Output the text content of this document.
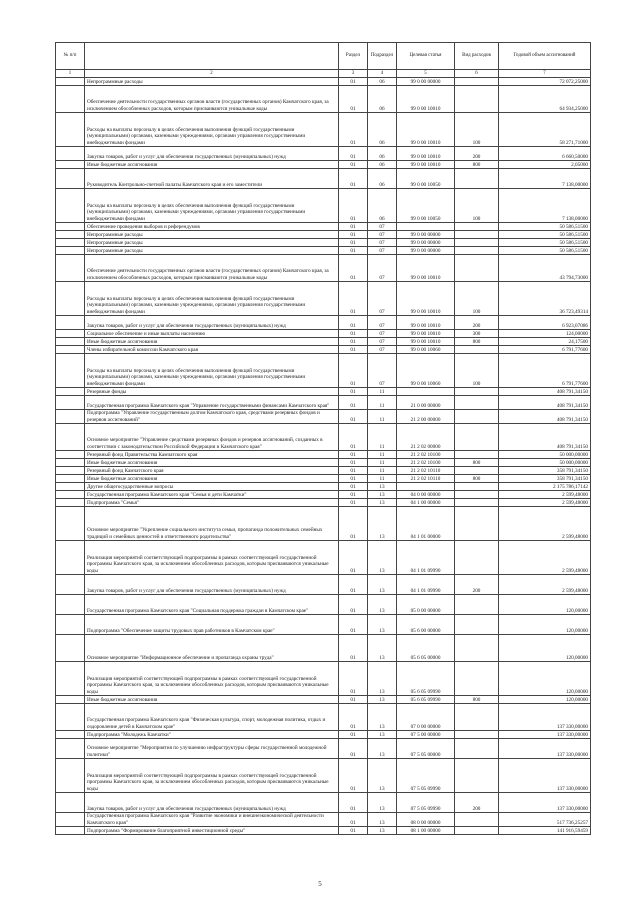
№ п/п		Раздел	Подраздел	Целевая статья	Вид расходов	Годовой объем ассигнований
1	2	3	4	5	6	7
	Непрограммные расходы	01	06	99 0 00 00000		72 072,25000
	Обеспечение деятельности государственных органов власти (государственных органов) Камчатского края, за исключением обособленных расходов, которым присваиваются уникальные коды	01	06	99 0 00 10010		64 934,25000
	Расходы на выплаты персоналу в целях обеспечения выполнения функций государственными (муниципальными) органами, казенными учреждениями, органами управления государственными внебюджетными фондами	01	06	99 0 00 10010	100	58 271,71000
	Закупка товаров, работ и услуг для обеспечения государственных (муниципальных) нужд	01	06	99 0 00 10010	200	6 660,50000
	Иные бюджетные ассигнования	01	06	99 0 00 10010	800	2,05000
	Руководитель Контрольно-счетной палаты Камчатского края и его заместители	01	06	99 0 00 10050		7 138,00000
	Расходы на выплаты персоналу в целях обеспечения выполнения функций государственными (муниципальными) органами, казенными учреждениями, органами управления государственными внебюджетными фондами	01	06	99 0 00 10050	100	7 138,00000
	Обеспечение проведения выборов и референдумов	01	07			50 586,51500
	Непрограммные расходы	01	07	99 0 00 00000		50 586,51500
	Непрограммные расходы	01	07	99 0 00 00000		50 586,51500
	Непрограммные расходы	01	07	99 0 00 00000		50 586,51500
	Обеспечение деятельности государственных органов власти (государственных органов) Камчатского края, за исключением обособленных расходов, которым присваиваются уникальные коды	01	07	99 0 00 10010		43 794,73000
	Расходы на выплаты персоналу в целях обеспечения выполнения функций государственными (муниципальными) органами, казенными учреждениями, органами управления государственными внебюджетными фондами	01	07	99 0 00 10010	100	36 723,49314
	Закупка товаров, работ и услуг для обеспечения государственных (муниципальных) нужд	01	07	99 0 00 10010	200	6 923,07086
	Социальное обеспечение и иные выплаты населению	01	07	99 0 00 10010	300	124,00000
	Иные бюджетные ассигнования	01	07	99 0 00 10010	800	24,17500
	Члены избирательной комиссии Камчатского края	01	07	99 0 00 10060		6 791,77600
	Расходы на выплаты персоналу в целях обеспечения выполнения функций государственными (муниципальными) органами, казенными учреждениями, органами управления государственными внебюджетными фондами	01	07	99 0 00 10060	100	6 791,77600
	Резервные фонды	01	11			408 791,34150
	Государственная программа Камчатского края "Управление государственными финансами Камчатского края"	01	11	21 0 00 00000		408 791,34150
	Подпрограмма "Управление государственным долгом Камчатского края, средствами резервных фондов и резервов ассигнований"	01	11	21 2 00 00000		408 791,34150
	Основное мероприятие "Управление средствами резервных фондов и резервов ассигнований, созданных в соответствии с законодательством Российской Федерации и Камчатского края"	01	11	21 2 02 00000		408 791,34150
	Резервный фонд Правительства Камчатского края	01	11	21 2 02 10100		50 000,00000
	Иные бюджетные ассигнования	01	11	21 2 02 10100	800	50 000,00000
	Резервный фонд Камчатского края	01	11	21 2 02 10110		358 791,34150
	Иные бюджетные ассигнования	01	11	21 2 02 10110	800	358 791,34150
	Другие общегосударственные вопросы	01	13			2 175 786,17142
	Государственная программа Камчатского края "Семья и дети Камчатки"	01	13	04 0 00 00000		2 599,48000
	Подпрограмма "Семья"	01	13	04 1 00 00000		2 599,48000
	Основное мероприятие "Укрепление социального института семьи, пропаганда положительных семейных традиций и семейных ценностей в ответственного родительства"	01	13	04 1 01 00000		2 599,48000
	Реализация мероприятий соответствующей подпрограммы в рамках соответствующей государственной программы Камчатского края, за исключением обособленных расходов, которым присваиваются уникальные коды	01	13	04 1 01 09990		2 599,48000
	Закупка товаров, работ и услуг для обеспечения государственных (муниципальных) нужд	01	13	04 1 01 09990	200	2 599,48000
	Государственная программа Камчатского края "Социальная поддержка граждан в Камчатском крае"	01	13	05 0 00 00000		120,00000
	Подпрограмма "Обеспечение защиты трудовых прав работников в Камчатском крае"	01	13	05 6 00 00000		120,00000
	Основное мероприятие "Информационное обеспечение и пропаганда охраны труда"	01	13	05 6 05 00000		120,00000
	Реализация мероприятий соответствующей подпрограммы в рамках соответствующей государственной программы Камчатского края, за исключением обособленных расходов, которым присваиваются уникальные коды	01	13	05 6 05 09990		120,00000
	Иные бюджетные ассигнования	01	13	05 6 05 09990	800	120,00000
	Государственная программа Камчатского края "Физическая культура, спорт, молодежная политика, отдых и оздоровление детей в Камчатском крае"	01	13	07 0 00 00000		137 330,00000
	Подпрограмма "Молодежь Камчатки"	01	13	07 5 00 00000		137 330,00000
	Основное мероприятие "Мероприятия по улучшению инфраструктуры сферы государственной молодежной политики"	01	13	07 5 05 00000		137 330,00000
	Реализация мероприятий соответствующей подпрограммы в рамках соответствующей государственной программы Камчатского края, за исключением обособленных расходов, которым присваиваются уникальные коды	01	13	07 5 05 09990		137 330,00000
	Закупка товаров, работ и услуг для обеспечения государственных (муниципальных) нужд	01	13	07 5 05 09990	200	137 330,00000
	Государственная программа Камчатского края "Развитие экономики и внешнеэкономической деятельности Камчатского края"	01	13	08 0 00 00000		517 736,25257
	Подпрограмма "Формирование благоприятной инвестиционной среды"	01	13	08 1 00 00000		141 916,59459
5
